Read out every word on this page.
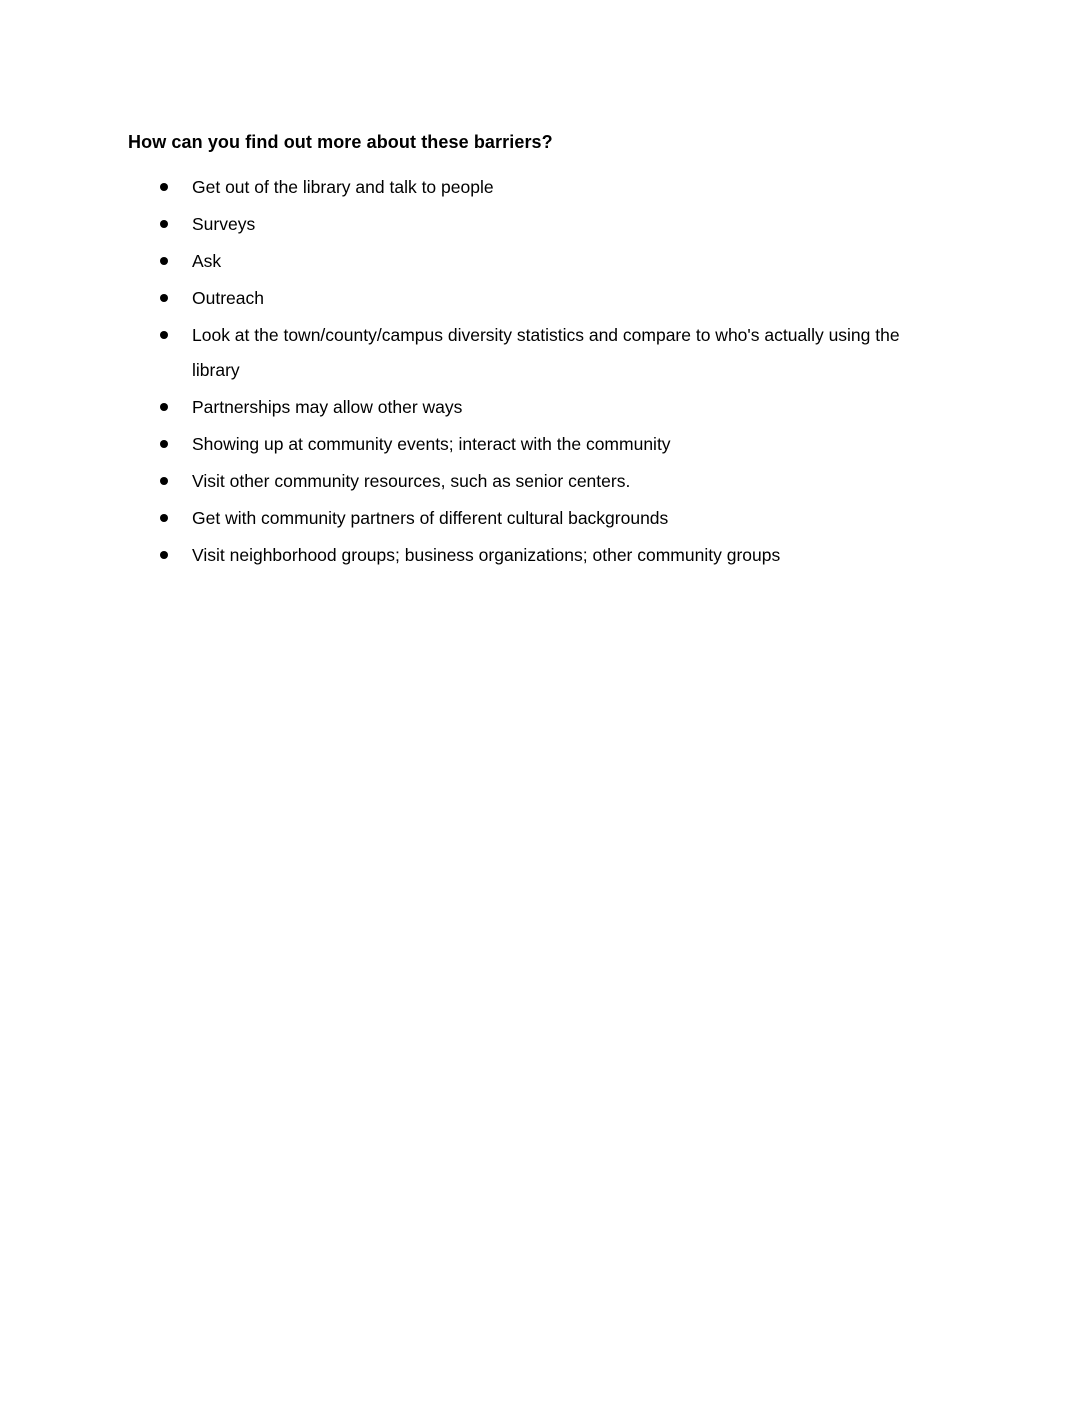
How can you find out more about these barriers?
Get out of the library and talk to people
Surveys
Ask
Outreach
Look at the town/county/campus diversity statistics and compare to who's actually using the library
Partnerships may allow other ways
Showing up at community events; interact with the community
Visit other community resources, such as senior centers.
Get with community partners of different cultural backgrounds
Visit neighborhood groups; business organizations; other community groups
